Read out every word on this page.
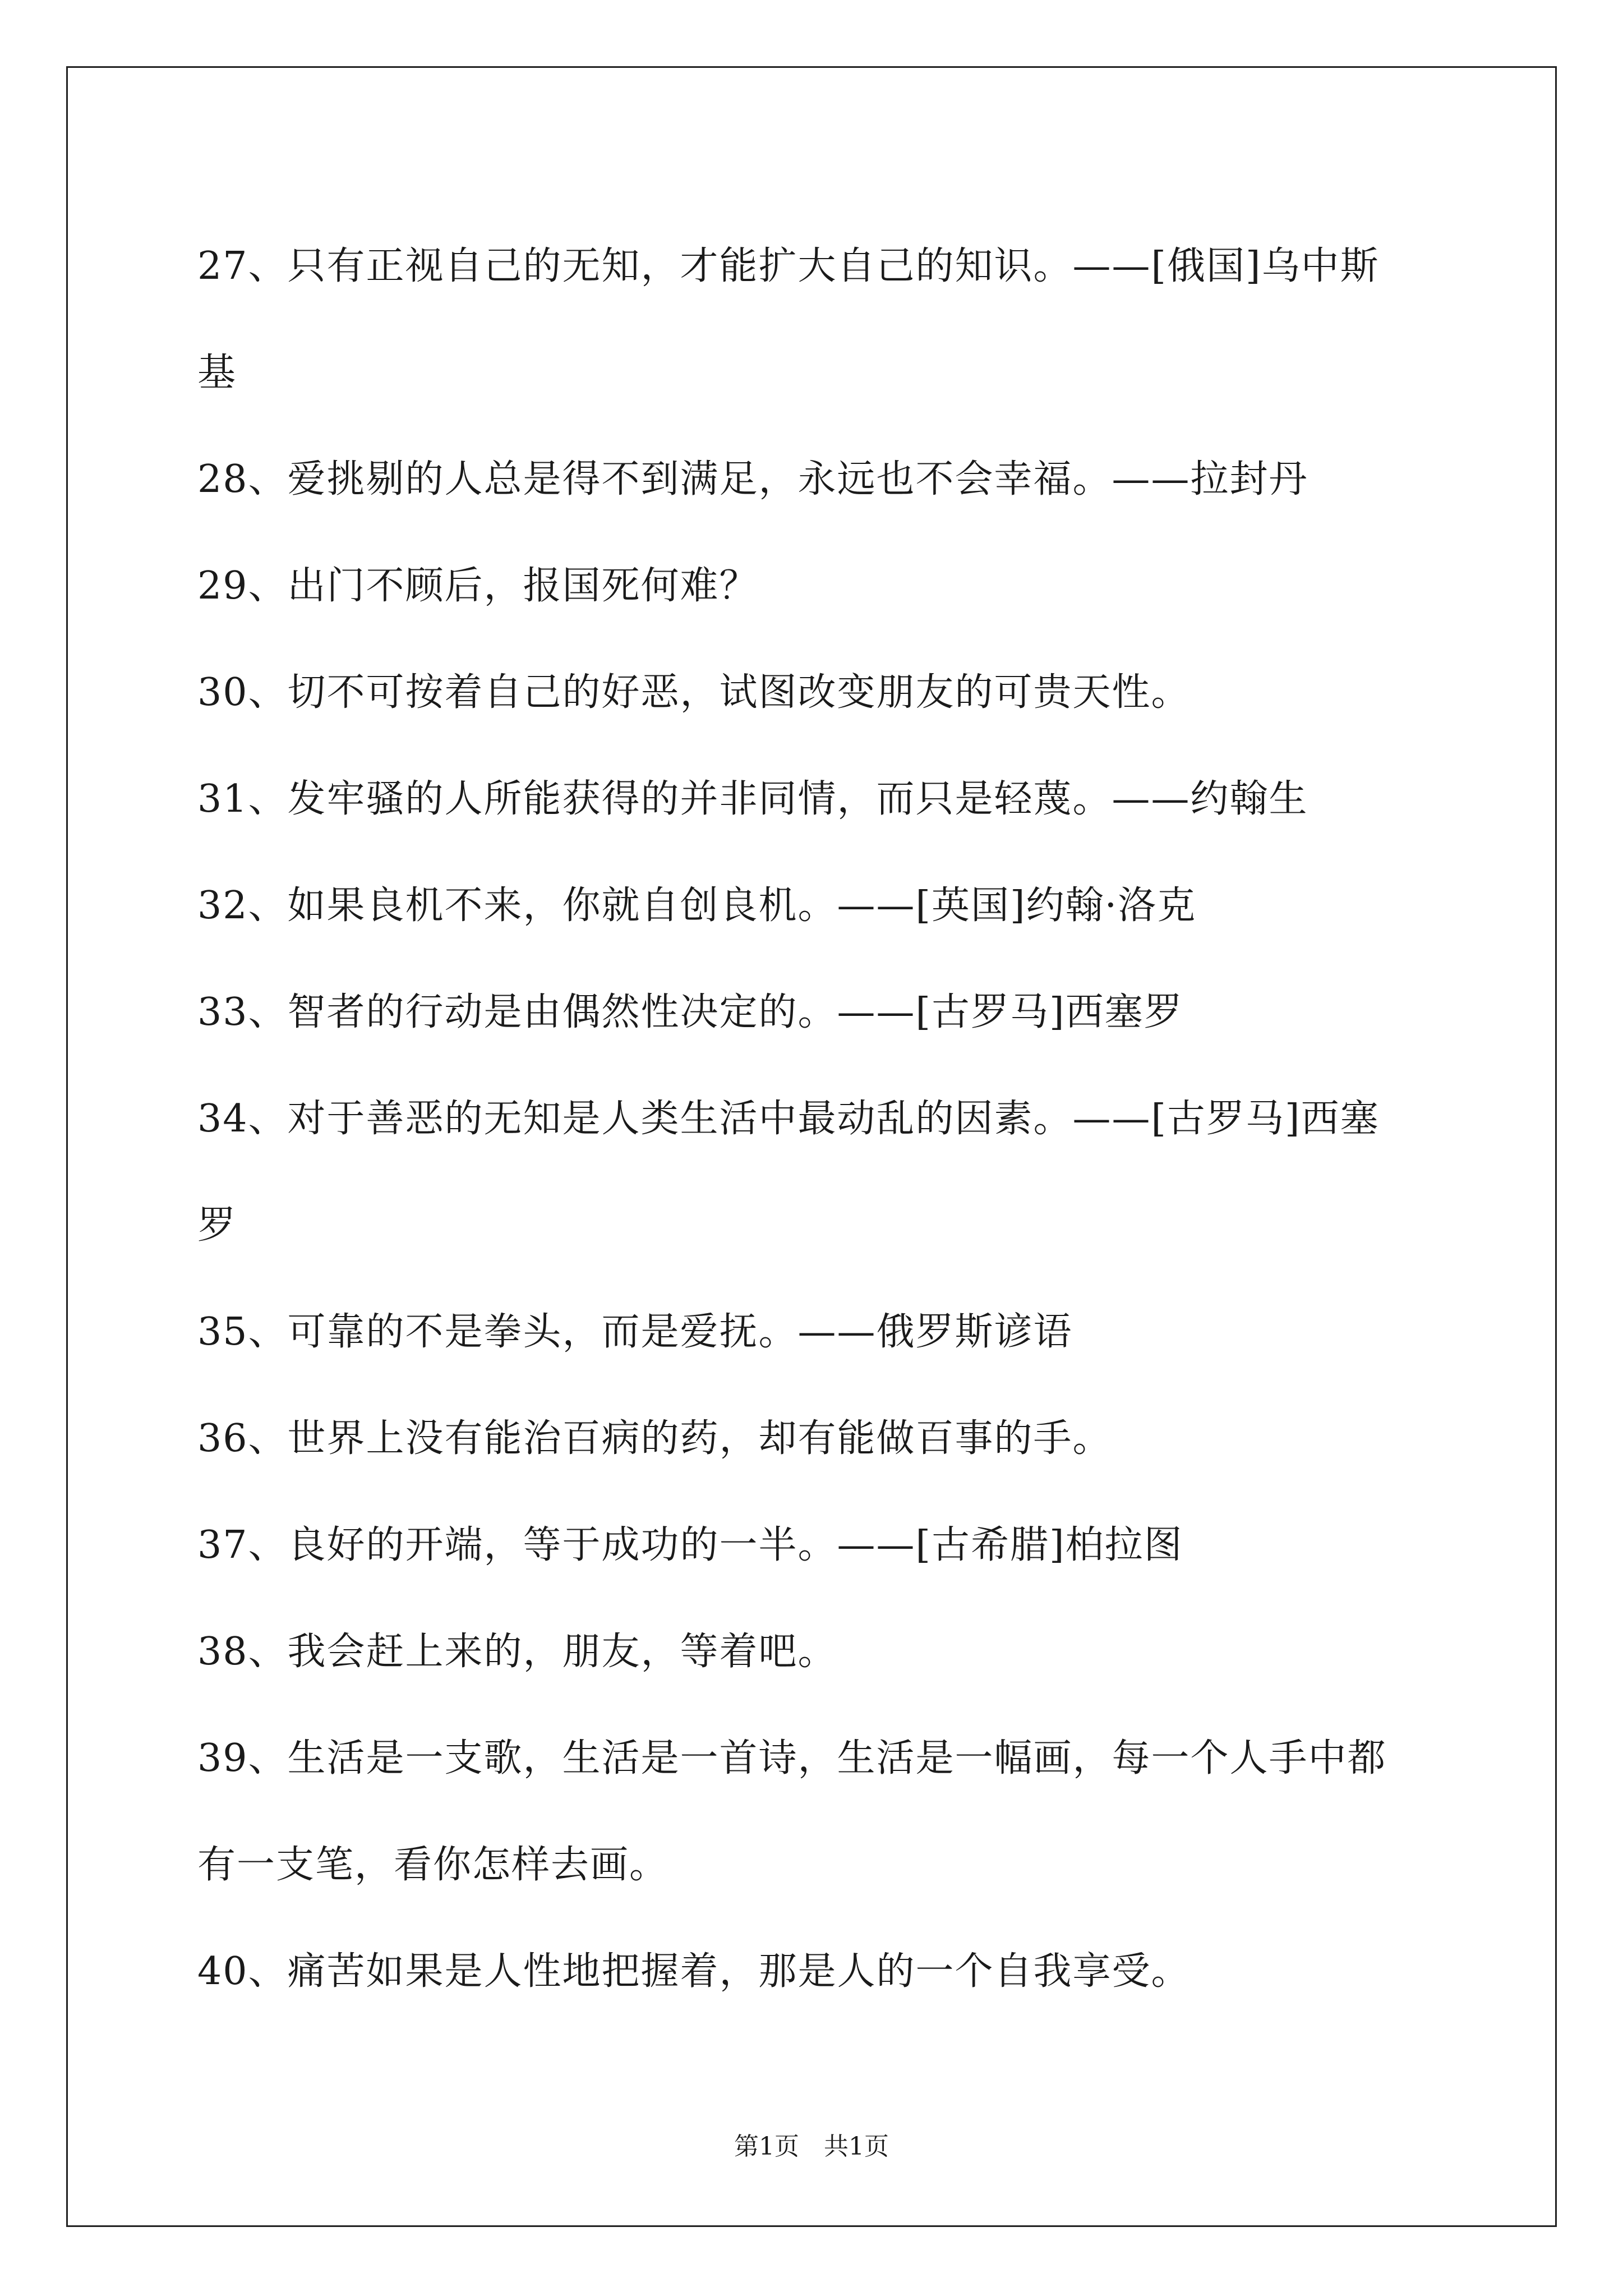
27、只有正视自己的无知，才能扩大自己的知识。——[俄国]乌中斯
基
28、爱挑剔的人总是得不到满足，永远也不会幸福。——拉封丹
29、出门不顾后，报国死何难？
30、切不可按着自己的好恶，试图改变朋友的可贵天性。
31、发牢骚的人所能获得的并非同情，而只是轻蔑。——约翰生
32、如果良机不来，你就自创良机。——[英国]约翰·洛克
33、智者的行动是由偶然性决定的。——[古罗马]西塞罗
34、对于善恶的无知是人类生活中最动乱的因素。——[古罗马]西塞
罗
35、可靠的不是拳头，而是爱抚。——俄罗斯谚语
36、世界上没有能治百病的药，却有能做百事的手。
37、良好的开端，等于成功的一半。——[古希腊]柏拉图
38、我会赶上来的，朋友，等着吧。
39、生活是一支歌，生活是一首诗，生活是一幅画，每一个人手中都
有一支笔，看你怎样去画。
40、痛苦如果是人性地把握着，那是人的一个自我享受。
第1页　共1页
